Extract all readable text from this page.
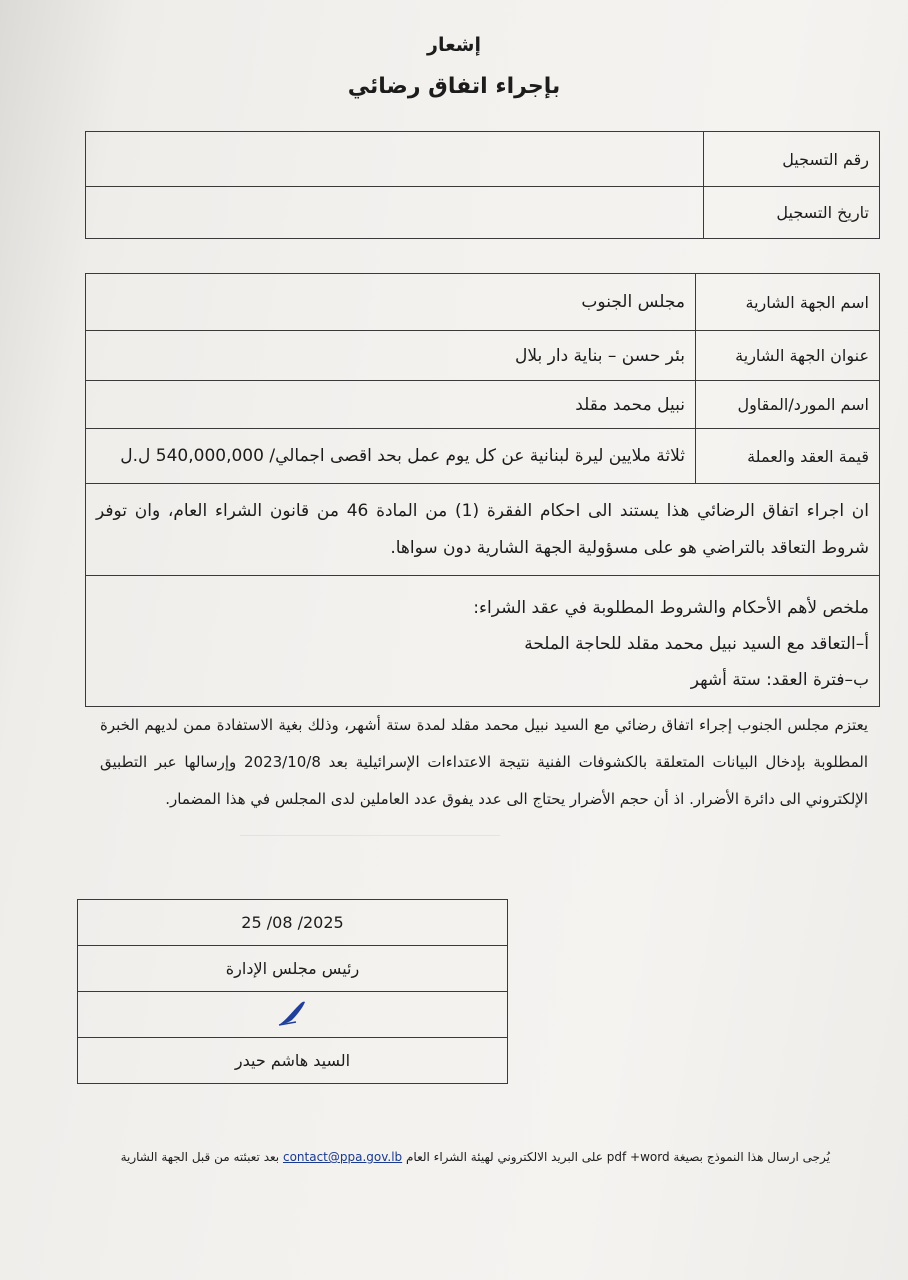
إشعار
بإجراء اتفاق رضائي
رقم التسجيل	
تاريخ التسجيل	
اسم الجهة الشارية	مجلس الجنوب
عنوان الجهة الشارية	بئر حسن – بناية دار بلال
اسم المورد/المقاول	نبيل محمد مقلد
قيمة العقد والعملة	ثلاثة ملايين ليرة لبنانية عن كل يوم عمل بحد اقصى اجمالي/ 540,000,000 ل.ل
ان اجراء اتفاق الرضائي هذا يستند الى احكام الفقرة (1) من المادة 46 من قانون الشراء العام، وان توفر شروط التعاقد بالتراضي هو على مسؤولية الجهة الشارية دون سواها.	

ملخص لأهم الأحكام والشروط المطلوبة في عقد الشراء:
أ–التعاقد مع السيد نبيل محمد مقلد للحاجة الملحة
ب–فترة العقد: ستة أشهر	
يعتزم مجلس الجنوب إجراء اتفاق رضائي مع السيد نبيل محمد مقلد لمدة ستة أشهر، وذلك بغية الاستفادة ممن لديهم الخبرة المطلوبة بإدخال البيانات المتعلقة بالكشوفات الفنية نتيجة الاعتداءات الإسرائيلية بعد 2023/10/8 وإرسالها عبر التطبيق الإلكتروني الى دائرة الأضرار. اذ أن حجم الأضرار يحتاج الى عدد يفوق عدد العاملين لدى المجلس في هذا المضمار.
2025/ 08/ 25
رئيس مجلس الإدارة

السيد هاشم حيدر
يُرجى ارسال هذا النموذج بصيغة pdf +word على البريد الالكتروني لهيئة الشراء العام contact@ppa.gov.lb بعد تعبئته من قبل الجهة الشارية
